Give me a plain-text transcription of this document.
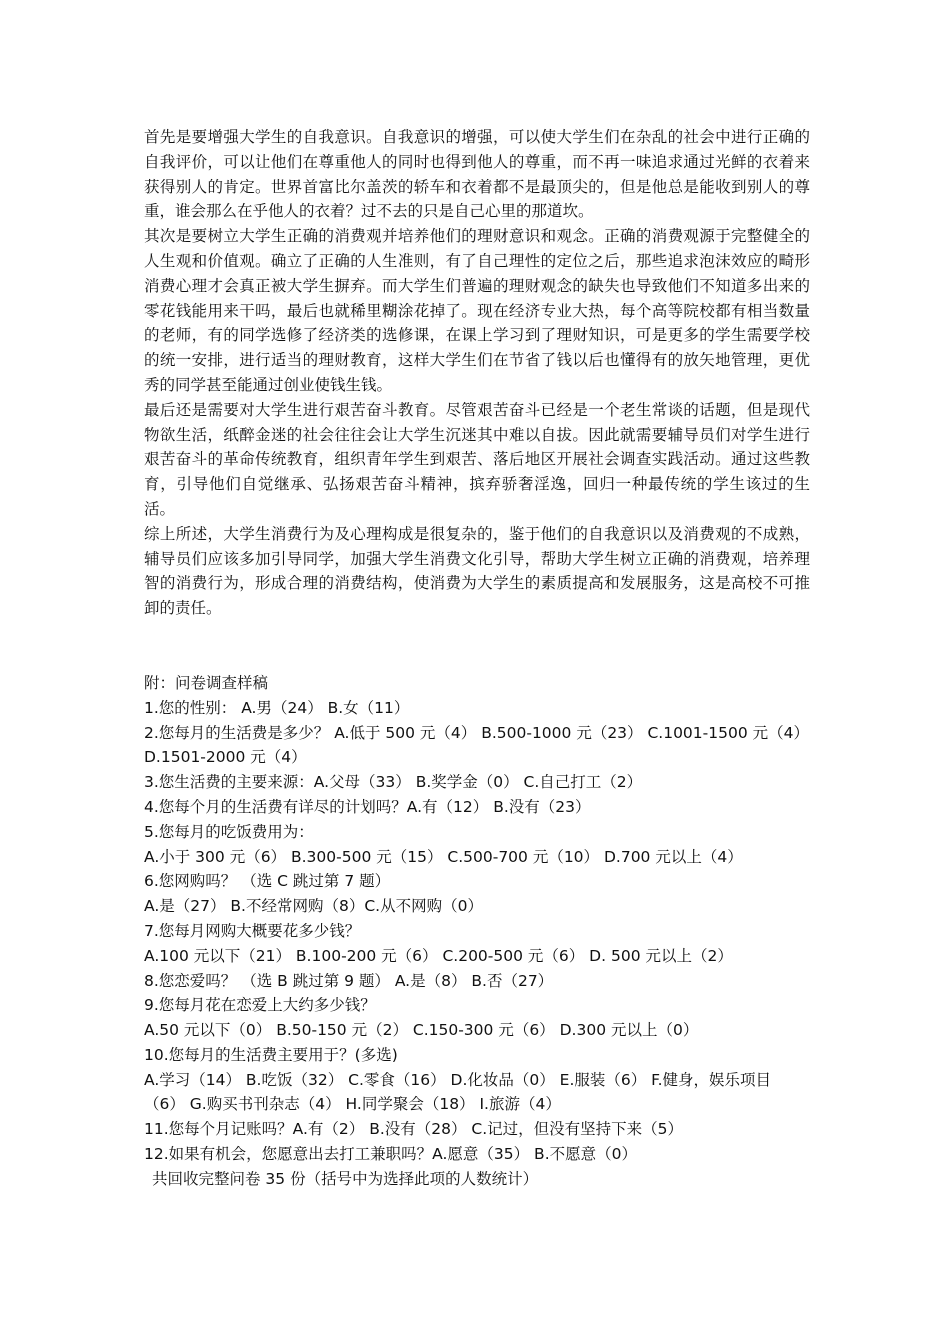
首先是要增强大学生的自我意识。自我意识的增强，可以使大学生们在杂乱的社会中进行正确的自我评价，可以让他们在尊重他人的同时也得到他人的尊重，而不再一味追求通过光鲜的衣着来获得别人的肯定。世界首富比尔盖茨的轿车和衣着都不是最顶尖的，但是他总是能收到别人的尊重，谁会那么在乎他人的衣着？过不去的只是自己心里的那道坎。

其次是要树立大学生正确的消费观并培养他们的理财意识和观念。正确的消费观源于完整健全的人生观和价值观。确立了正确的人生准则，有了自己理性的定位之后，那些追求泡沫效应的畸形消费心理才会真正被大学生摒弃。而大学生们普遍的理财观念的缺失也导致他们不知道多出来的零花钱能用来干吗，最后也就稀里糊涂花掉了。现在经济专业大热，每个高等院校都有相当数量的老师，有的同学选修了经济类的选修课，在课上学习到了理财知识，可是更多的学生需要学校的统一安排，进行适当的理财教育，这样大学生们在节省了钱以后也懂得有的放矢地管理，更优秀的同学甚至能通过创业使钱生钱。

最后还是需要对大学生进行艰苦奋斗教育。尽管艰苦奋斗已经是一个老生常谈的话题，但是现代物欲生活，纸醉金迷的社会往往会让大学生沉迷其中难以自拔。因此就需要辅导员们对学生进行艰苦奋斗的革命传统教育，组织青年学生到艰苦、落后地区开展社会调查实践活动。通过这些教育，引导他们自觉继承、弘扬艰苦奋斗精神，摈弃骄奢淫逸，回归一种最传统的学生该过的生活。

综上所述，大学生消费行为及心理构成是很复杂的，鉴于他们的自我意识以及消费观的不成熟，辅导员们应该多加引导同学，加强大学生消费文化引导，帮助大学生树立正确的消费观，培养理智的消费行为，形成合理的消费结构，使消费为大学生的素质提高和发展服务，这是高校不可推卸的责任。

附：问卷调查样稿

1.您的性别： A.男（24） B.女（11）

2.您每月的生活费是多少？ A.低于 500 元（4） B.500-1000 元（23） C.1001-1500 元（4） D.1501-2000 元（4）

3.您生活费的主要来源：A.父母（33） B.奖学金（0） C.自己打工（2）

4.您每个月的生活费有详尽的计划吗？A.有（12） B.没有（23）

5.您每月的吃饭费用为：

A.小于 300 元（6） B.300-500 元（15） C.500-700 元（10） D.700 元以上（4）

6.您网购吗？ （选 C 跳过第 7 题）

A.是（27） B.不经常网购（8）C.从不网购（0）

7.您每月网购大概要花多少钱？

A.100 元以下（21） B.100-200 元（6） C.200-500 元（6） D. 500 元以上（2）

8.您恋爱吗？ （选 B 跳过第 9 题） A.是（8） B.否（27）

9.您每月花在恋爱上大约多少钱？

A.50 元以下（0） B.50-150 元（2） C.150-300 元（6） D.300 元以上（0）

10.您每月的生活费主要用于？(多选)

A.学习（14） B.吃饭（32） C.零食（16） D.化妆品（0） E.服装（6） F.健身，娱乐项目（6） G.购买书刊杂志（4） H.同学聚会（18） I.旅游（4）

11.您每个月记账吗？A.有（2） B.没有（28） C.记过，但没有坚持下来（5）

12.如果有机会，您愿意出去打工兼职吗？A.愿意（35） B.不愿意（0）

共回收完整问卷 35 份（括号中为选择此项的人数统计）
